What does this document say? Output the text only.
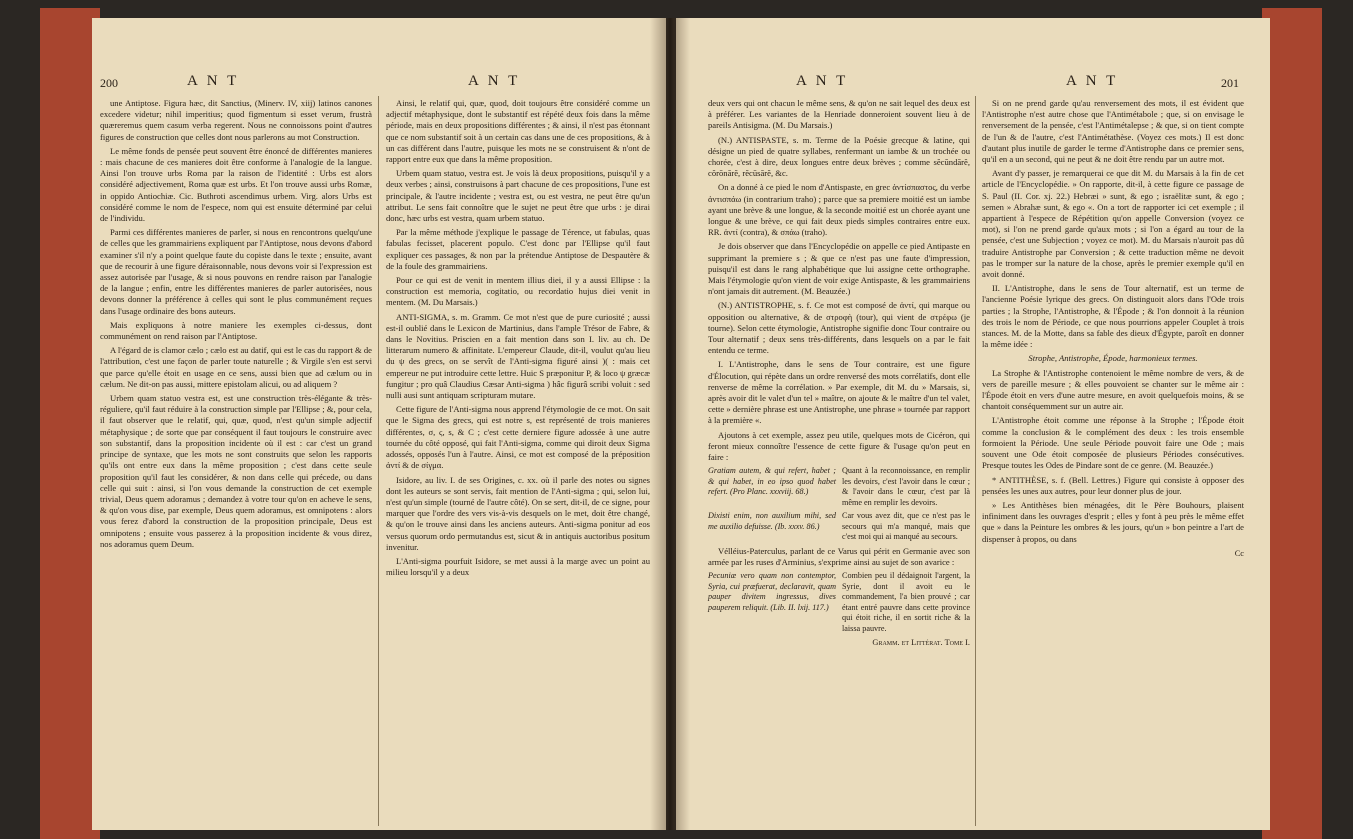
200	A N T	A N T

une Antiptose. Figura hæc, dit Sanctius, (Minerv. IV, xiij) latinos canones excedere videtur; nihil imperitius; quod figmentum si esset verum, frustrà quæreremus quem casum verba regerent. Nous ne connoissons point d'autres figures de construction que celles dont nous parlerons au mot Construction.

Le même fonds de pensée peut souvent être énoncé de différentes manieres : mais chacune de ces manieres doit être conforme à l'analogie de la langue. Ainsi l'on trouve urbs Roma par la raison de l'identité : Urbs est alors considéré adjectivement, Roma quæ est urbs. Et l'on trouve aussi urbs Romæ, in oppido Antiochiæ. Cic. Buthroti ascendimus urbem. Virg. alors Urbs est considéré comme le nom de l'espece, nom qui est ensuite déterminé par celui de l'individu.

Parmi ces différentes manieres de parler, si nous en rencontrons quelqu'une de celles que les grammairiens expliquent par l'Antiptose, nous devons d'abord examiner s'il n'y a point quelque faute du copiste dans le texte ; ensuite, avant que de recourir à une figure déraisonnable, nous devons voir si l'expression est assez autorisée par l'usage, & si nous pouvons en rendre raison par l'analogie de la langue ; enfin, entre les différentes manieres de parler autorisées, nous devons donner la préférence à celles qui sont le plus communément reçues dans l'usage ordinaire des bons auteurs.

Mais expliquons à notre maniere les exemples ci-dessus, dont communément on rend raison par l'Antiptose.

A l'égard de is clamor cælo ; cælo est au datif, qui est le cas du rapport & de l'attribution, c'est une façon de parler toute naturelle ; & Virgile s'en est servi que parce qu'elle étoit en usage en ce sens, aussi bien que ad cælum ou in cælum. Ne dit-on pas aussi, mittere epistolam alicui, ou ad aliquem ?

Urbem quam statuo vestra est, est une construction très-élégante & très-réguliere, qu'il faut réduire à la construction simple par l'Ellipse ; &, pour cela, il faut observer que le relatif, qui, quæ, quod, n'est qu'un simple adjectif métaphysique ; de sorte que par conséquent il faut toujours le construire avec son substantif, dans la proposition incidente où il est : car c'est un grand principe de syntaxe, que les mots ne sont construits que selon les rapports qu'ils ont entre eux dans la même proposition ; c'est dans cette seule proposition qu'il faut les considérer, & non dans celle qui précede, ou dans celle qui suit : ainsi, si l'on vous demande la construction de cet exemple trivial, Deus quem adoramus ; demandez à votre tour qu'on en acheve le sens, & qu'on vous dise, par exemple, Deus quem adoramus, est omnipotens : alors vous ferez d'abord la construction de la proposition principale, Deus est omnipotens ; ensuite vous passerez à la proposition incidente & vous direz, nos adoramus quem Deum.

Ainsi, le relatif qui, quæ, quod, doit toujours être considéré comme un adjectif métaphysique, dont le substantif est répété deux fois dans la même période, mais en deux propositions différentes ; & ainsi, il n'est pas étonnant que ce nom substantif soit à un certain cas dans une de ces propositions, & à un cas différent dans l'autre, puisque les mots ne se construisent & n'ont de rapport entre eux que dans la même proposition.

Urbem quam statuo, vestra est. Je vois là deux propositions, puisqu'il y a deux verbes ; ainsi, construisons à part chacune de ces propositions, l'une est principale, & l'autre incidente ; vestra est, ou est vestra, ne peut être qu'un attribut. Le sens fait connoître que le sujet ne peut être que urbs : je dirai donc, hæc urbs est vestra, quam urbem statuo.

Par la même méthode j'explique le passage de Térence, ut fabulas, quas fabulas fecisset, placerent populo. C'est donc par l'Ellipse qu'il faut expliquer ces passages, & non par la prétendue Antiptose de Despautère & de la foule des grammairiens.

Pour ce qui est de venit in mentem illius diei, il y a aussi Ellipse : la construction est memoria, cogitatio, ou recordatio hujus diei venit in mentem. (M. Du Marsais.)

ANTI-SIGMA, s. m. Gramm. Ce mot n'est que de pure curiosité ; aussi est-il oublié dans le Lexicon de Martinius, dans l'ample Trésor de Fabre, & dans le Novitius. Priscien en a fait mention dans son I. liv. au ch. De litterarum numero & affinitate. L'empereur Claude, dit-il, voulut qu'au lieu du ψ des grecs, on se servît de l'Anti-sigma figuré ainsi )( : mais cet empereur ne put introduire cette lettre. Huic S præponitur P, & loco ψ græcæ fungitur ; pro quâ Claudius Cæsar Anti-sigma ) hâc figurâ scribi voluit : sed nulli ausi sunt antiquam scripturam mutare.

Cette figure de l'Anti-sigma nous apprend l'étymologie de ce mot. On sait que le Sigma des grecs, qui est notre s, est représenté de trois manieres différentes, σ, ς, s, & C ; c'est cette derniere figure adossée à une autre tournée du côté opposé, qui fait l'Anti-sigma, comme qui diroit deux Sigma adossés, opposés l'un à l'autre. Ainsi, ce mot est composé de la préposition ἀντί & de σίγμα.

Isidore, au liv. I. de ses Origines, c. xx. où il parle des notes ou signes dont les auteurs se sont servis, fait mention de l'Anti-sigma ; qui, selon lui, n'est qu'un simple (tourné de l'autre côté). On se sert, dit-il, de ce signe, pour marquer que l'ordre des vers vis-à-vis desquels on le met, doit être changé, & qu'on le trouve ainsi dans les anciens auteurs. Anti-sigma ponitur ad eos versus quorum ordo permutandus est, sicut & in antiquis auctoribus positum invenitur.

L'Anti-sigma pourfuit Isidore, se met aussi à la marge avec un point au milieu lorsqu'il y a deux

A N T	A N T	201

deux vers qui ont chacun le même sens, & qu'on ne sait lequel des deux est à préférer. Les variantes de la Henriade donneroient souvent lieu à de pareils Antisigma. (M. Du Marsais.)

(N.) ANTISPASTE, s. m. Terme de la Poésie grecque & latine, qui désigne un pied de quatre syllabes, renfermant un iambe & un trochée ou chorée, c'est à dire, deux longues entre deux brèves ; comme sĕcūndārĕ, cŏrōnārĕ, rĕcūsārĕ, &c.

On a donné à ce pied le nom d'Antispaste, en grec ἀντίσπαστος, du verbe ἀντισπάω (in contrarium traho) ; parce que sa premiere moitié est un iambe ayant une brève & une longue, & la seconde moitié est un chorée ayant une longue & une brève, ce qui fait deux pieds simples contraires entre eux. RR. ἀντί (contra), & σπάω (traho).

Je dois observer que dans l'Encyclopédie on appelle ce pied Antipaste en supprimant la premiere s ; & que ce n'est pas une faute d'impression, puisqu'il est dans le rang alphabétique que lui assigne cette orthographe. Mais l'étymologie qu'on vient de voir exige Antispaste, & les grammairiens n'ont jamais dit autrement. (M. Beauzée.)

(N.) ANTISTROPHE, s. f. Ce mot est composé de ἀντί, qui marque ou opposition ou alternative, & de στροφὴ (tour), qui vient de στρέφω (je tourne). Selon cette étymologie, Antistrophe signifie donc Tour contraire ou Tour alternatif ; deux sens très-différents, dans lesquels on a par le fait entendu ce terme.

I. L'Antistrophe, dans le sens de Tour contraire, est une figure d'Élocution, qui répète dans un ordre renversé des mots corrélatifs, dont elle renverse de même la corrélation. » Par exemple, dit M. du » Marsais, si, après avoir dit le valet d'un tel » maître, on ajoute & le maître d'un tel valet, cette » dernière phrase est une Antistrophe, une phrase » tournée par rapport à la première «.

Ajoutons à cet exemple, assez peu utile, quelques mots de Cicéron, qui feront mieux connoître l'essence de cette figure & l'usage qu'on peut en faire :

Gratiam autem, & qui refert, habet ; & qui habet, in eo ipso quod habet refert. (Pro Planc. xxxviij. 68.)
Quant à la reconnoissance, en remplir les devoirs, c'est l'avoir dans le cœur ; & l'avoir dans le cœur, c'est par là même en remplir les devoirs.
Dixisti enim, non auxilium mihi, sed me auxilio defuisse. (Ib. xxxv. 86.)
Car vous avez dit, que ce n'est pas le secours qui m'a manqué, mais que c'est moi qui ai manqué au secours.

Vélléius-Paterculus, parlant de ce Varus qui périt en Germanie avec son armée par les ruses d'Arminius, s'exprime ainsi au sujet de son avarice :

Pecuniæ vero quam non contemptor, Syria, cui præfuerat, declaravit, quam pauper divitem ingressus, dives pauperem reliquit. (Lib. II. lxij. 117.)
Combien peu il dédaignoit l'argent, la Syrie, dont il avoit eu le commandement, l'a bien prouvé ; car étant entré pauvre dans cette province qui étoit riche, il en sortit riche & la laissa pauvre.
Gramm. et Littérat. Tome I.

Si on ne prend garde qu'au renversement des mots, il est évident que l'Antistrophe n'est autre chose que l'Antimétabole ; que, si on envisage le renversement de la pensée, c'est l'Antimétalepse ; & que, si on tient compte de l'un & de l'autre, c'est l'Antimétathèse. (Voyez ces mots.) Il est donc d'autant plus inutile de garder le terme d'Antistrophe dans ce premier sens, qu'il en a un second, qui ne peut & ne doit être rendu par un autre mot.

Avant d'y passer, je remarquerai ce que dit M. du Marsais à la fin de cet article de l'Encyclopédie. » On rapporte, dit-il, à cette figure ce passage de S. Paul (II. Cor. xj. 22.) Hebræi » sunt, & ego ; israëlitæ sunt, & ego ; semen » Abrahæ sunt, & ego «. On a tort de rapporter ici cet exemple ; il appartient à l'espece de Répétition qu'on appelle Conversion (voyez ce mot), si l'on ne prend garde qu'aux mots ; si l'on a égard au tour de la pensée, c'est une Subjection ; voyez ce mot). M. du Marsais n'auroit pas dû traduire Antistrophe par Conversion ; & cette traduction même ne devoit pas le tromper sur la nature de la chose, après le premier exemple qu'il en avoit donné.

II. L'Antistrophe, dans le sens de Tour alternatif, est un terme de l'ancienne Poésie lyrique des grecs. On distinguoit alors dans l'Ode trois parties ; la Strophe, l'Antistrophe, & l'Épode ; & l'on donnoit à la réunion des trois le nom de Période, ce que nous pourrions appeler Couplet à trois stances. M. de la Motte, dans sa fable des dieux d'Égypte, paroît en donner la même idée :

Strophe, Antistrophe, Épode, harmonieux termes.

La Strophe & l'Antistrophe contenoient le même nombre de vers, & de vers de pareille mesure ; & elles pouvoient se chanter sur le même air : l'Épode étoit en vers d'une autre mesure, en avoit quelquefois moins, & se chantoit conséquemment sur un autre air.

L'Antistrophe étoit comme une réponse à la Strophe ; l'Épode étoit comme la conclusion & le complément des deux : les trois ensemble formoient la Période. Une seule Période pouvoit faire une Ode ; mais souvent une Ode étoit composée de plusieurs Périodes consécutives. Presque toutes les Odes de Pindare sont de ce genre. (M. Beauzée.)

* ANTITHÈSE, s. f. (Bell. Lettres.) Figure qui consiste à opposer des pensées les unes aux autres, pour leur donner plus de jour.

» Les Antithèses bien ménagées, dit le Père Bouhours, plaisent infiniment dans les ouvrages d'esprit ; elles y font à peu près le même effet que » dans la Peinture les ombres & les jours, qu'un » bon peintre a l'art de dispenser à propos, ou dans

Cc
